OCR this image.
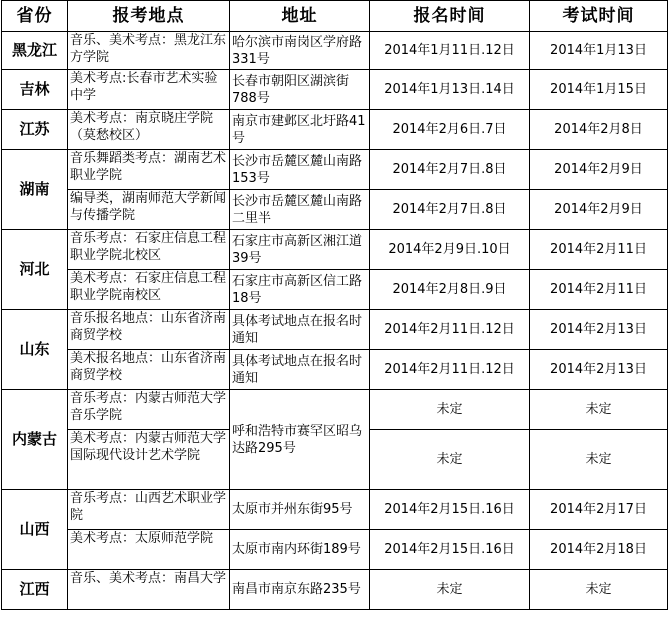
省份	报考地点	地址	报名时间	考试时间
黑龙江	音乐、美术考点：黑龙江东方学院	哈尔滨市南岗区学府路331号	2014年1月11日.12日	2014年1月13日
吉林	美术考点:长春市艺术实验中学	长春市朝阳区湖滨街788号	2014年1月13日.14日	2014年1月15日
江苏	美术考点：南京晓庄学院（莫愁校区）	南京市建邺区北圩路41号	2014年2月6日.7日	2014年2月8日
湖南	音乐舞蹈类考点：湖南艺术职业学院	长沙市岳麓区麓山南路153号	2014年2月7日.8日	2014年2月9日
	编导类，湖南师范大学新闻与传播学院	长沙市岳麓区麓山南路二里半	2014年2月7日.8日	2014年2月9日
河北	音乐考点：石家庄信息工程职业学院北校区	石家庄市高新区湘江道39号	2014年2月9日.10日	2014年2月11日
	美术考点：石家庄信息工程职业学院南校区	石家庄市高新区信工路18号	2014年2月8日.9日	2014年2月11日
山东	音乐报名地点：山东省济南商贸学校	具体考试地点在报名时通知	2014年2月11日.12日	2014年2月13日
	美术报名地点：山东省济南商贸学校	具体考试地点在报名时通知	2014年2月11日.12日	2014年2月13日
内蒙古	音乐考点：内蒙古师范大学音乐学院	呼和浩特市赛罕区昭乌达路295号	未定	未定
	美术考点：内蒙古师范大学国际现代设计艺术学院		未定	未定
山西	音乐考点：山西艺术职业学院	太原市并州东街95号	2014年2月15日.16日	2014年2月17日
	美术考点：太原师范学院	太原市南内环街189号	2014年2月15日.16日	2014年2月18日
江西	音乐、美术考点：南昌大学	南昌市南京东路235号	未定	未定
